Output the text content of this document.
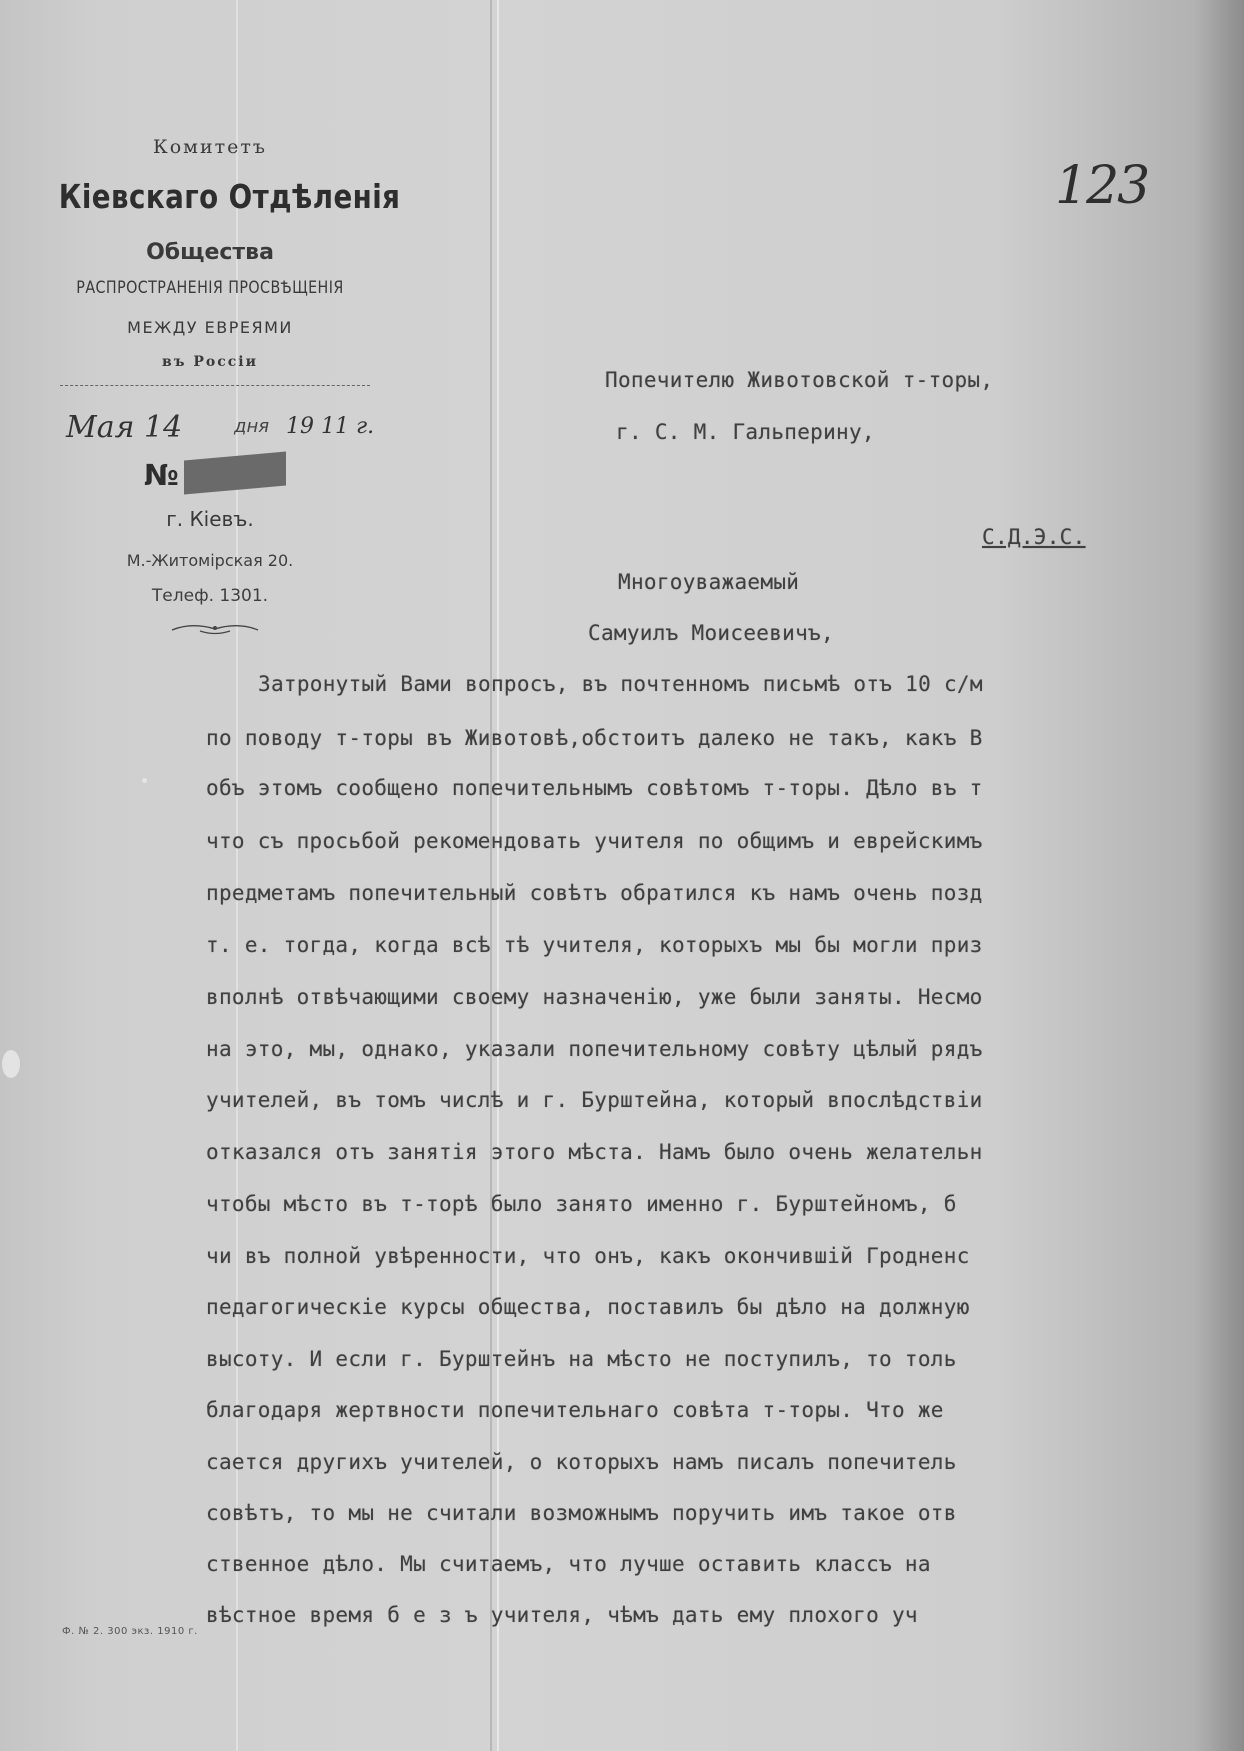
Комитетъ
Кіевскаго Отдѣленія
Общества
РАСПРОСТРАНЕНІЯ ПРОСВѢЩЕНІЯ
МЕЖДУ ЕВРЕЯМИ
въ Россіи
Мая 14	дня 19 11 г.
№
г. Кіевъ.
М.-Житомірская 20.
Телеф. 1301.
123
Попечителю Животовской т-торы,
г. С. М. Гальперину,
С.Д.Э.С.
Многоуважаемый
Самуилъ Моисеевичъ,
Затронутый Вами вопросъ, въ почтенномъ письмѣ отъ 10 с/м
по поводу т-торы въ Животовѣ,обстоитъ далеко не такъ, какъ В
объ этомъ сообщено попечительнымъ совѣтомъ т-торы. Дѣло въ т
что съ просьбой рекомендовать учителя по общимъ и еврейскимъ
предметамъ попечительный совѣтъ обратился къ намъ очень позд
т. е. тогда, когда всѣ тѣ учителя, которыхъ мы бы могли приз
вполнѣ отвѣчающими своему назначенію, уже были заняты. Несмо
на это, мы, однако, указали попечительному совѣту цѣлый рядъ
учителей, въ томъ числѣ и г. Бурштейна, который впослѣдствіи
отказался отъ занятія этого мѣста. Намъ было очень желательн
чтобы мѣсто въ т-торѣ было занято именно г. Бурштейномъ, б
чи въ полной увѣренности, что онъ, какъ окончившій Гродненс
педагогическіе курсы общества, поставилъ бы дѣло на должную
высоту. И если г. Бурштейнъ на мѣсто не поступилъ, то толь
благодаря жертвности попечительнаго совѣта т-торы. Что же
сается другихъ учителей, о которыхъ намъ писалъ попечитель
совѣтъ, то мы не считали возможнымъ поручить имъ такое отв
ственное дѣло. Мы считаемъ, что лучше оставить классъ на
вѣстное время б е з ъ учителя, чѣмъ дать ему плохого уч
Ф. № 2. 300 экз. 1910 г.
